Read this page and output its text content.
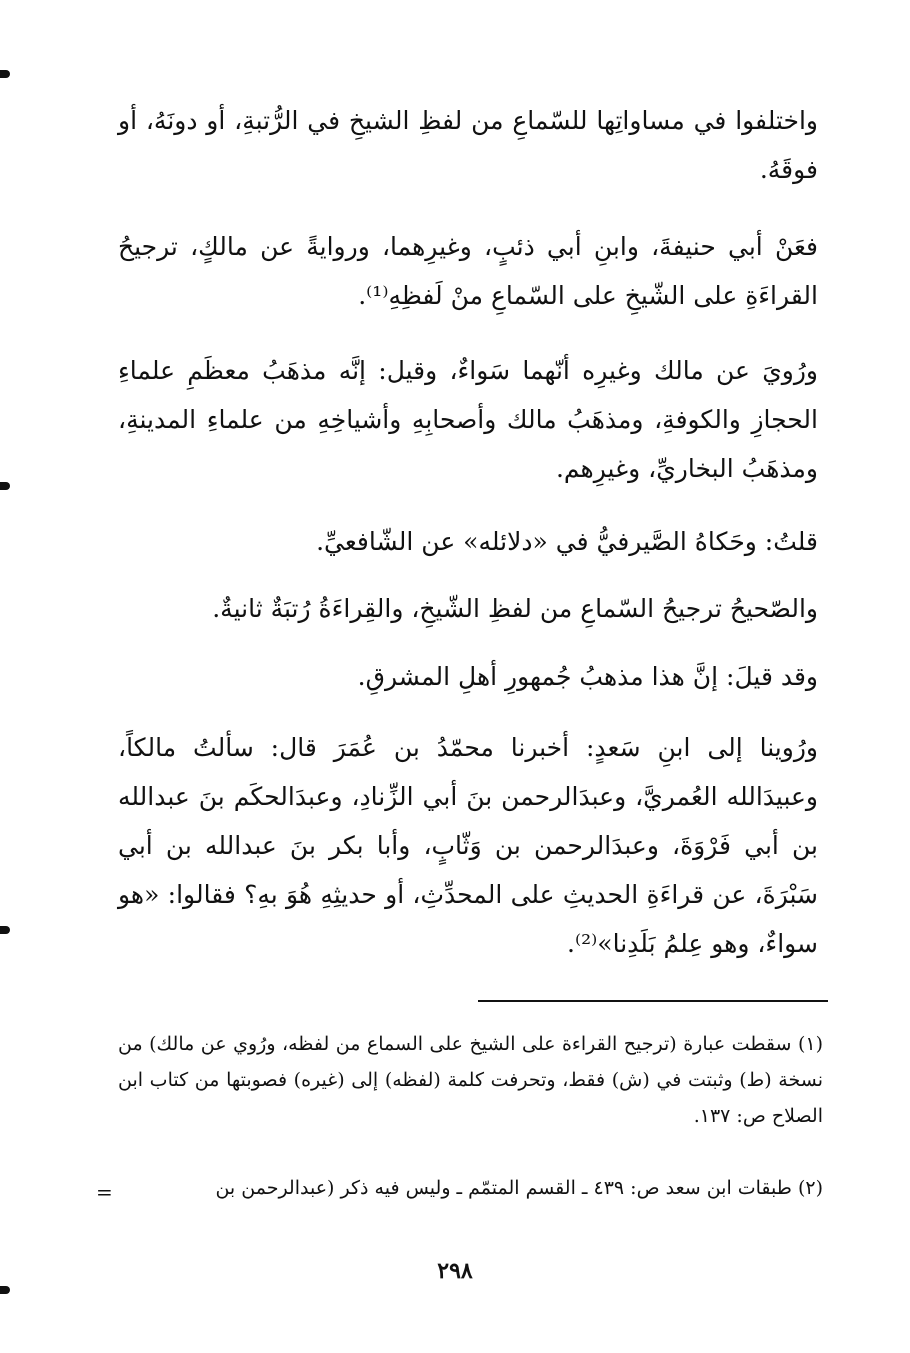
واختلفوا في مساواتِها للسّماعِ من لفظِ الشيخِ في الرُّتبةِ، أو دونَهُ، أو فوقَهُ.

فعَنْ أبي حنيفةَ، وابنِ أبي ذئبٍ، وغيرِهما، وروايةً عن مالكٍ، ترجيحُ القراءَةِ على الشّيخِ على السّماعِ منْ لَفظِهِ⁽¹⁾.

ورُويَ عن مالك وغيرِه أنّهما سَواءٌ، وقيل: إنَّه مذهَبُ معظَمِ علماءِ الحجازِ والكوفةِ، ومذهَبُ مالك وأصحابِهِ وأشياخِهِ من علماءِ المدينةِ، ومذهَبُ البخاريِّ، وغيرِهم.

قلتُ: وحَكاهُ الصَّيرفيُّ في «دلائله» عن الشّافعيِّ.

والصّحيحُ ترجيحُ السّماعِ من لفظِ الشّيخِ، والقِراءَةُ رُتبَةٌ ثانيةٌ.

وقد قيلَ: إنَّ هذا مذهبُ جُمهورِ أهلِ المشرقِ.

ورُوينا إلى ابنِ سَعدٍ: أخبرنا محمّدُ بن عُمَرَ قال: سألتُ مالكاً، وعبيدَالله العُمريَّ، وعبدَالرحمن بنَ أبي الزِّنادِ، وعبدَالحكَم بنَ عبدالله بن أبي فَرْوَةَ، وعبدَالرحمن بن وَثّابٍ، وأبا بكر بنَ عبدالله بن أبي سَبْرَةَ، عن قراءَةِ الحديثِ على المحدِّثِ، أو حديثِهِ هُوَ بهِ؟ فقالوا: «هو سواءٌ، وهو عِلمُ بَلَدِنا»⁽²⁾.

(١) سقطت عبارة (ترجيح القراءة على الشيخ على السماع من لفظه، ورُوي عن مالك) من نسخة (ط) وثبتت في (ش) فقط، وتحرفت كلمة (لفظه) إلى (غيره) فصوبتها من كتاب ابن الصلاح ص: ١٣٧.
(٢) طبقات ابن سعد ص: ٤٣٩ ـ القسم المتمّم ـ وليس فيه ذكر (عبدالرحمن بن
=
٢٩٨
